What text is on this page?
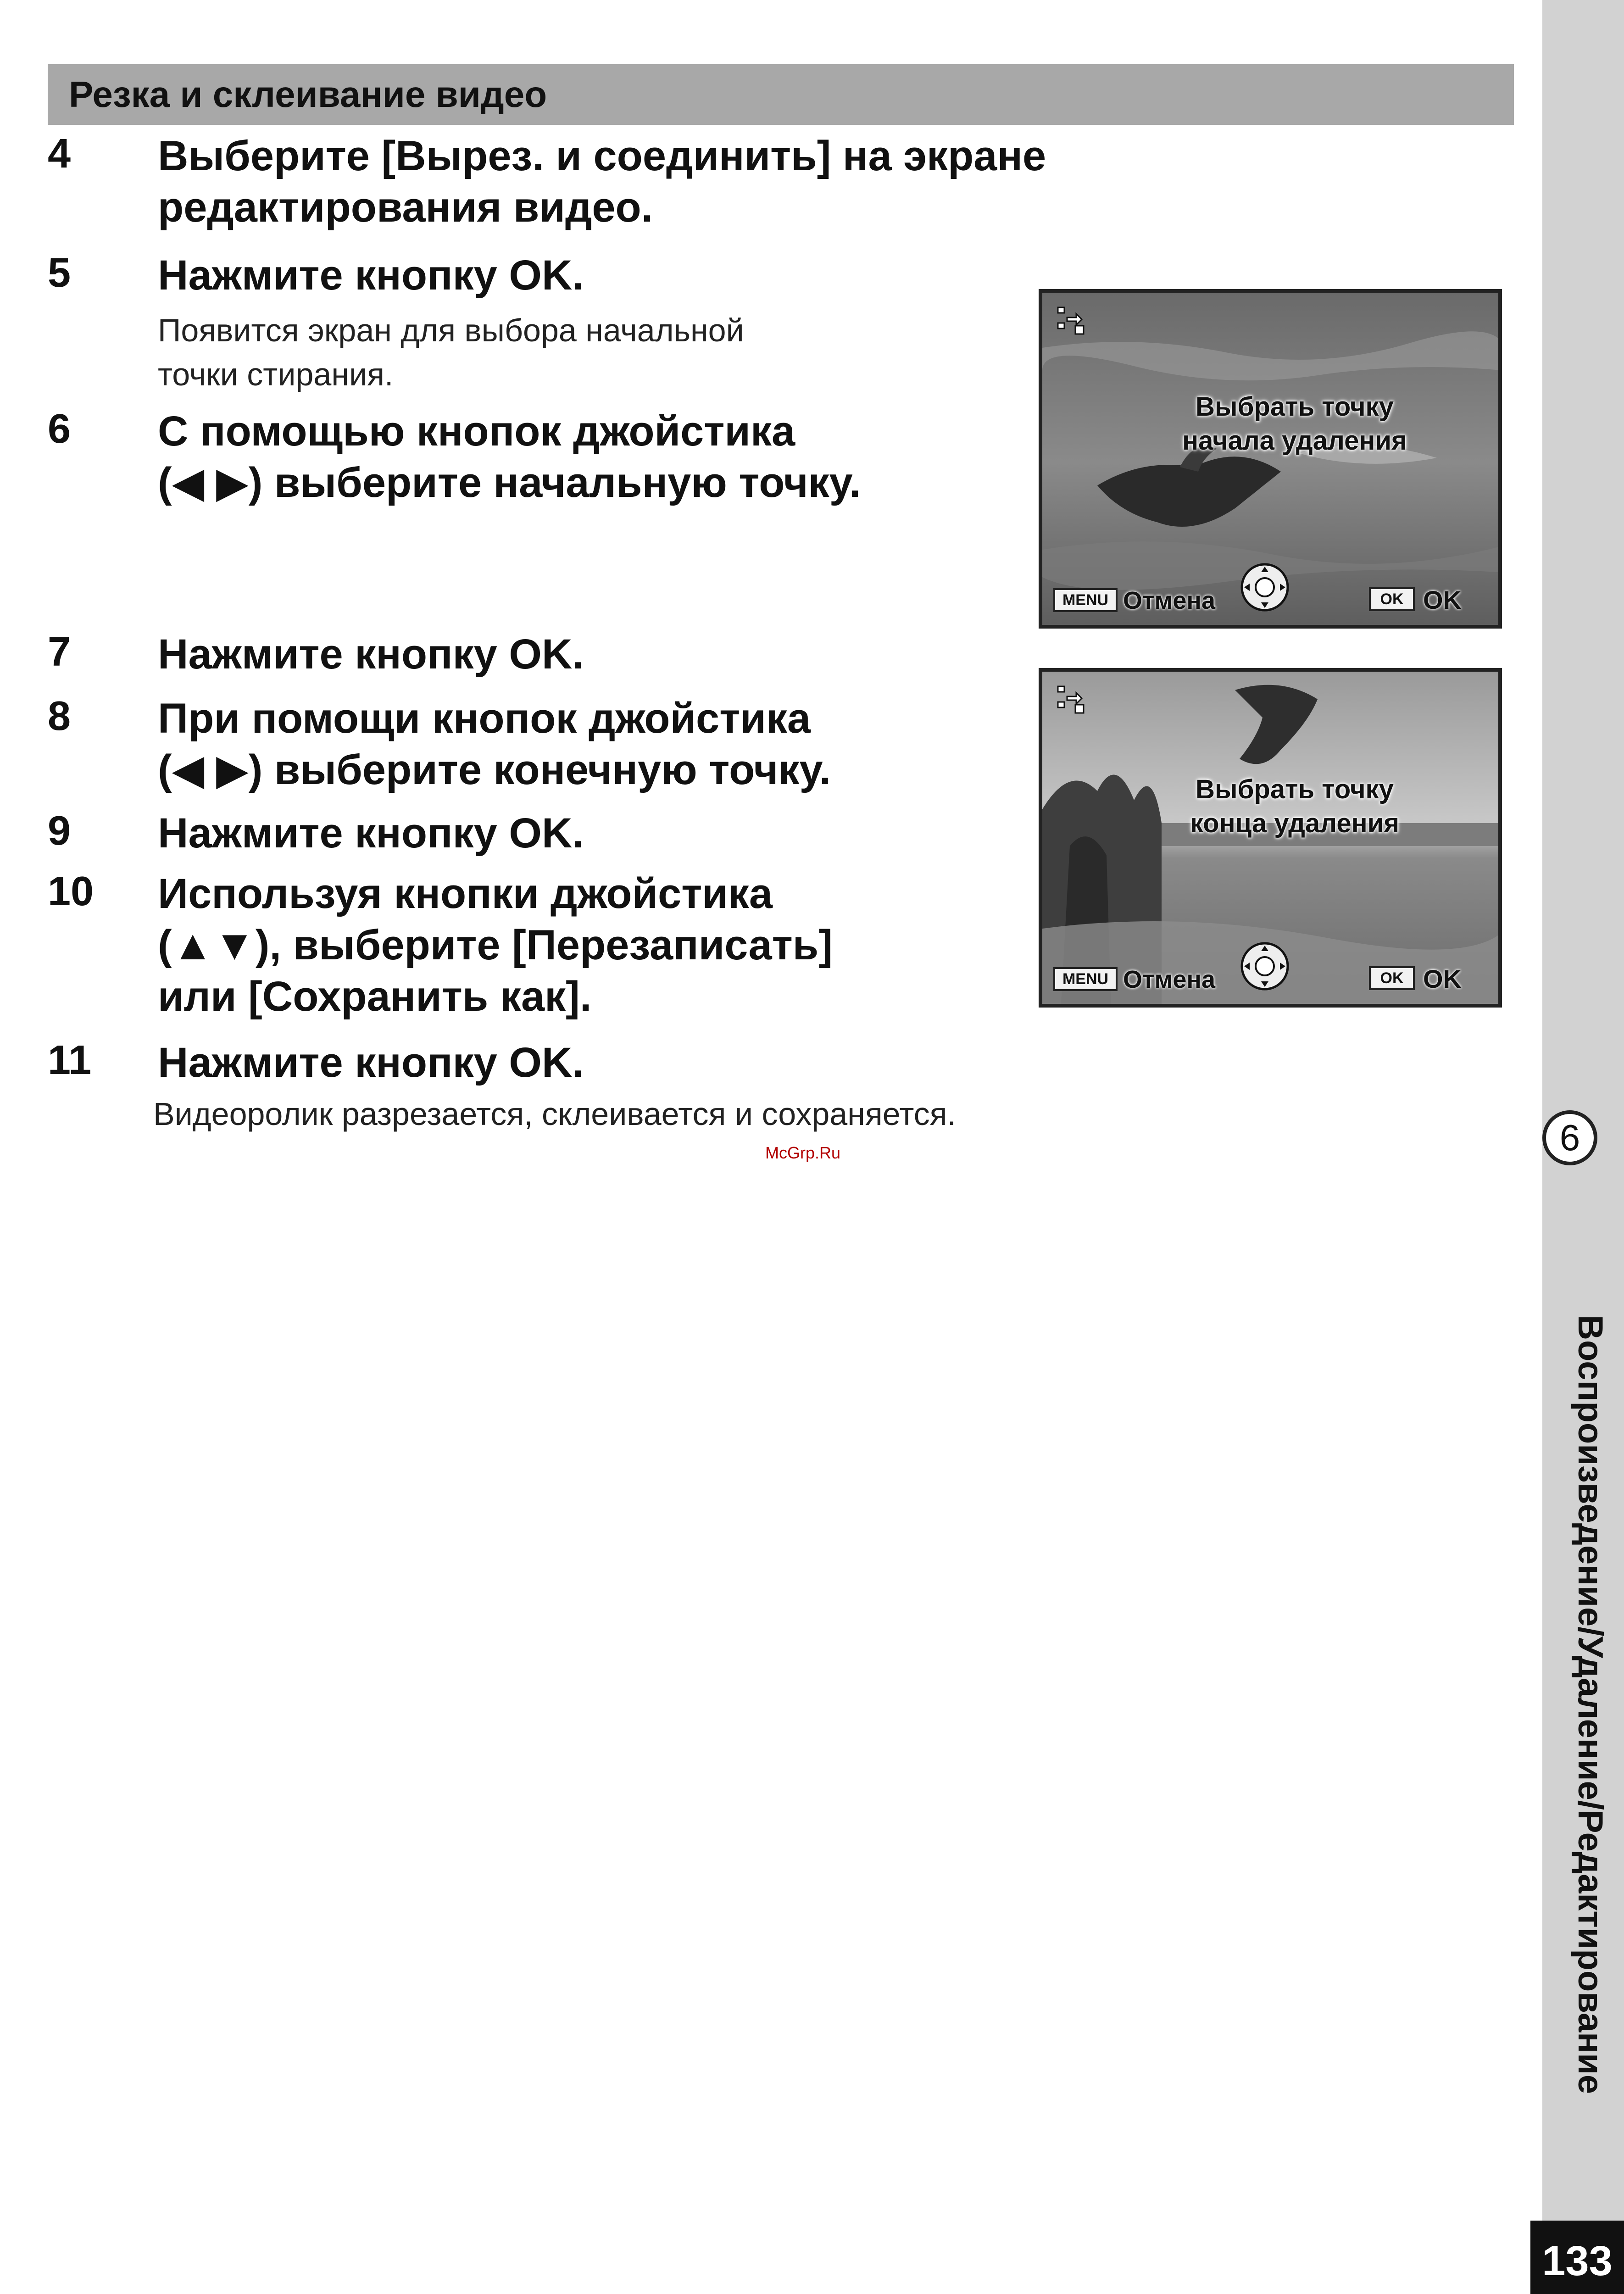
Резка и склеивание видео
4 Выберите [Вырез. и соединить] на экране
редактирования видео.
5 Нажмите кнопку OK.
Появится экран для выбора начальной
точки стирания.
6 С помощью кнопок джойстика
(◀ ▶) выберите начальную точку.
7 Нажмите кнопку OK.
8 При помощи кнопок джойстика
(◀ ▶) выберите конечную точку.
9 Нажмите кнопку OK.
10 Используя кнопки джойстика
(▲▼), выберите [Перезаписать]
или [Сохранить как].
11 Нажмите кнопку OK.
Видеоролик разрезается, склеивается и сохраняется.
Выбрать точку
начала удаления
MENU Отмена	OK OK
Выбрать точку
конца удаления
MENU Отмена	OK OK
McGrp.Ru	6
Воспроизведение/Удаление/Редактирование
133
